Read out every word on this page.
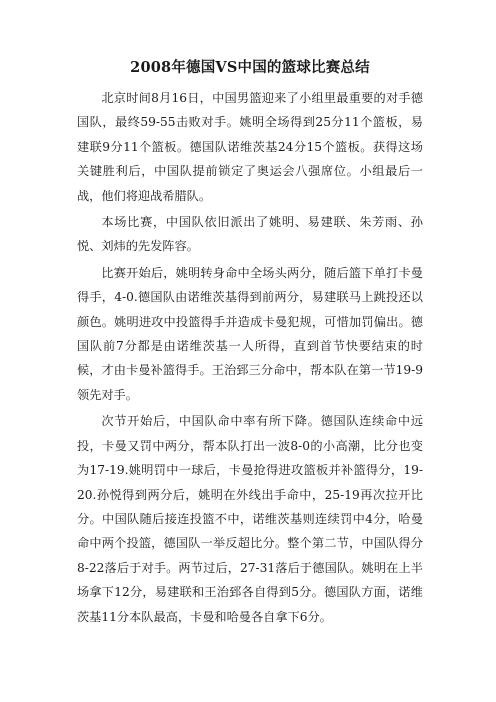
2008年德国VS中国的篮球比赛总结

北京时间8月16日，中国男篮迎来了小组里最重要的对手德国队，最终59-55击败对手。姚明全场得到25分11个篮板，易建联9分11个篮板。德国队诺维茨基24分15个篮板。获得这场关键胜利后，中国队提前锁定了奥运会八强席位。小组最后一战，他们将迎战希腊队。

本场比赛，中国队依旧派出了姚明、易建联、朱芳雨、孙悦、刘炜的先发阵容。

比赛开始后，姚明转身命中全场头两分，随后篮下单打卡曼得手，4-0.德国队由诺维茨基得到前两分，易建联马上跳投还以颜色。姚明进攻中投篮得手并造成卡曼犯规，可惜加罚偏出。德国队前7分都是由诺维茨基一人所得，直到首节快要结束的时候，才由卡曼补篮得手。王治郅三分命中，帮本队在第一节19-9领先对手。

次节开始后，中国队命中率有所下降。德国队连续命中远投，卡曼又罚中两分，帮本队打出一波8-0的小高潮，比分也变为17-19.姚明罚中一球后，卡曼抢得进攻篮板并补篮得分，19-20.孙悦得到两分后，姚明在外线出手命中，25-19再次拉开比分。中国队随后接连投篮不中，诺维茨基则连续罚中4分，哈曼命中两个投篮，德国队一举反超比分。整个第二节，中国队得分8-22落后于对手。两节过后，27-31落后于德国队。姚明在上半场拿下12分，易建联和王治郅各自得到5分。德国队方面，诺维茨基11分本队最高，卡曼和哈曼各自拿下6分。
